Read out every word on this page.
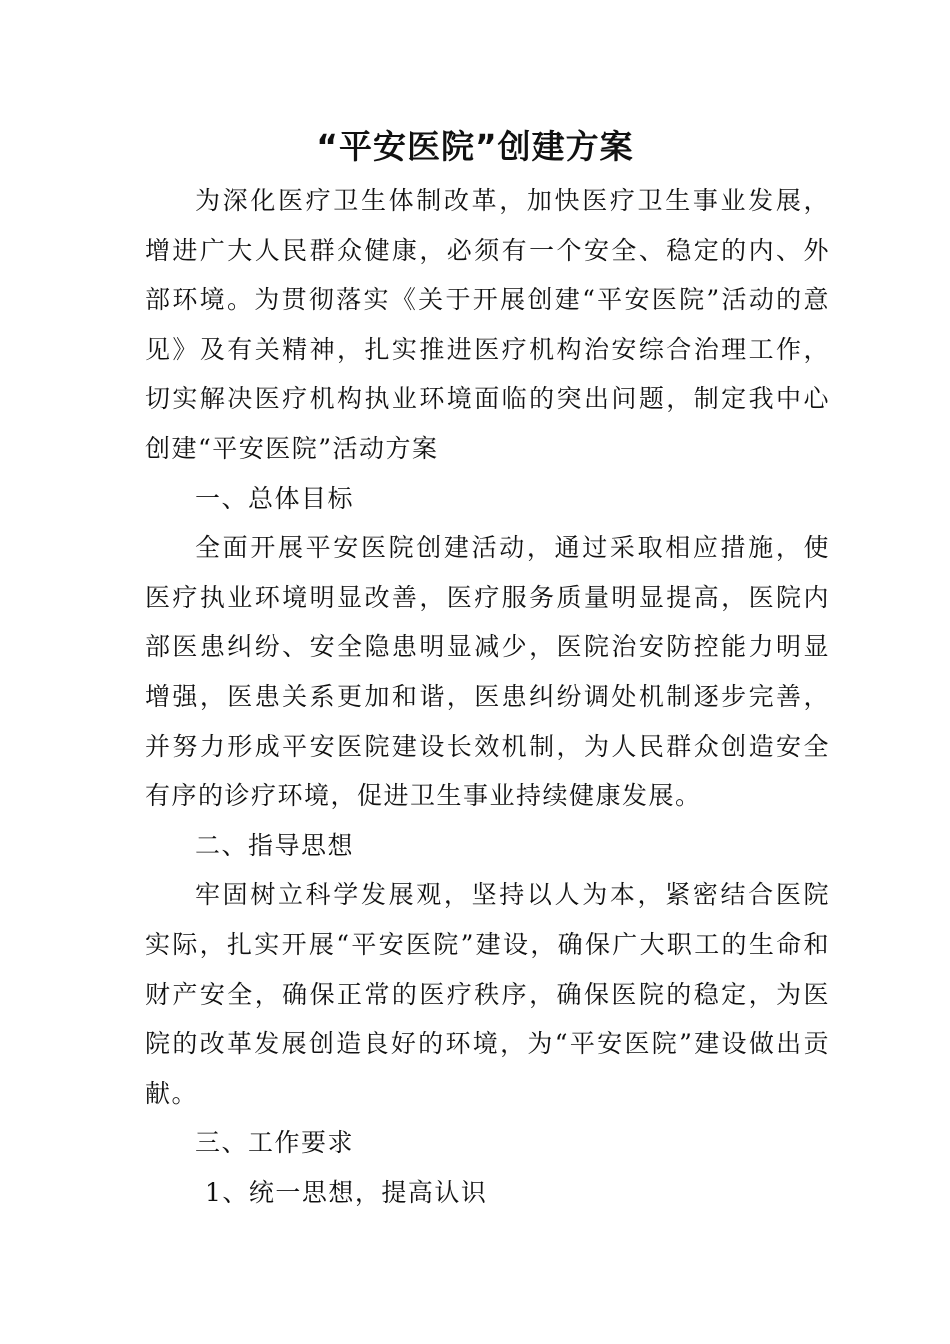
“平安医院”创建方案

为深化医疗卫生体制改革，加快医疗卫生事业发展，增进广大人民群众健康，必须有一个安全、稳定的内、外部环境。为贯彻落实《关于开展创建“平安医院”活动的意见》及有关精神，扎实推进医疗机构治安综合治理工作，切实解决医疗机构执业环境面临的突出问题，制定我中心创建“平安医院”活动方案

一、总体目标

全面开展平安医院创建活动，通过采取相应措施，使医疗执业环境明显改善，医疗服务质量明显提高，医院内部医患纠纷、安全隐患明显减少，医院治安防控能力明显增强，医患关系更加和谐，医患纠纷调处机制逐步完善，并努力形成平安医院建设长效机制，为人民群众创造安全有序的诊疗环境，促进卫生事业持续健康发展。

二、指导思想

牢固树立科学发展观，坚持以人为本，紧密结合医院实际，扎实开展“平安医院”建设，确保广大职工的生命和财产安全，确保正常的医疗秩序，确保医院的稳定，为医院的改革发展创造良好的环境，为“平安医院”建设做出贡献。

三、工作要求

1、统一思想，提高认识
